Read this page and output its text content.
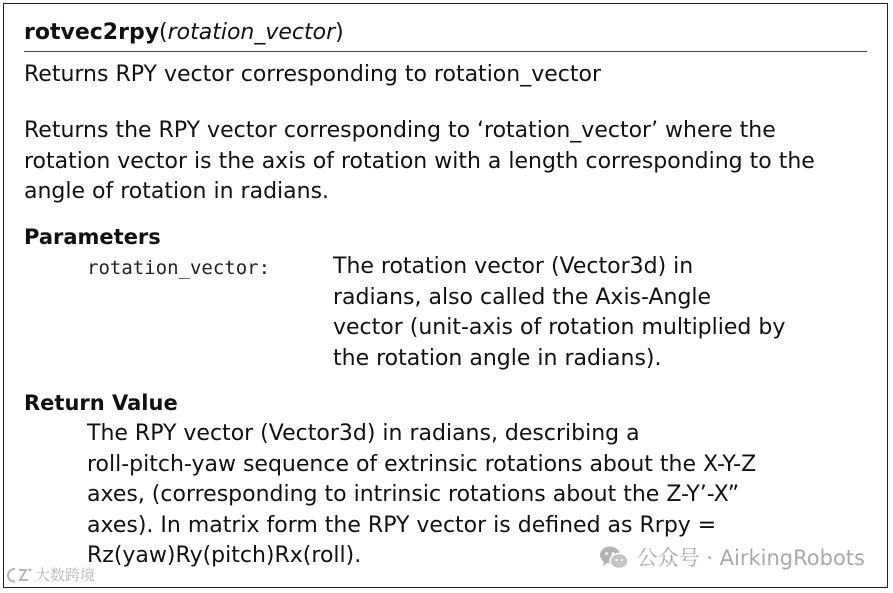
rotvec2rpy(rotation_vector)
Returns RPY vector corresponding to rotation_vector
Returns the RPY vector corresponding to ‘rotation_vector’ where the
rotation vector is the axis of rotation with a length corresponding to the
angle of rotation in radians.
Parameters
rotation_vector:	The rotation vector (Vector3d) in
radians, also called the Axis-Angle
vector (unit-axis of rotation multiplied by
the rotation angle in radians).
Return Value
The RPY vector (Vector3d) in radians, describing a
roll-pitch-yaw sequence of extrinsic rotations about the X-Y-Z
axes, (corresponding to intrinsic rotations about the Z-Y’-X”
axes). In matrix form the RPY vector is defined as Rrpy =
Rz(yaw)Ry(pitch)Rx(roll).	公众号 · AirkingRobots
大数跨境
